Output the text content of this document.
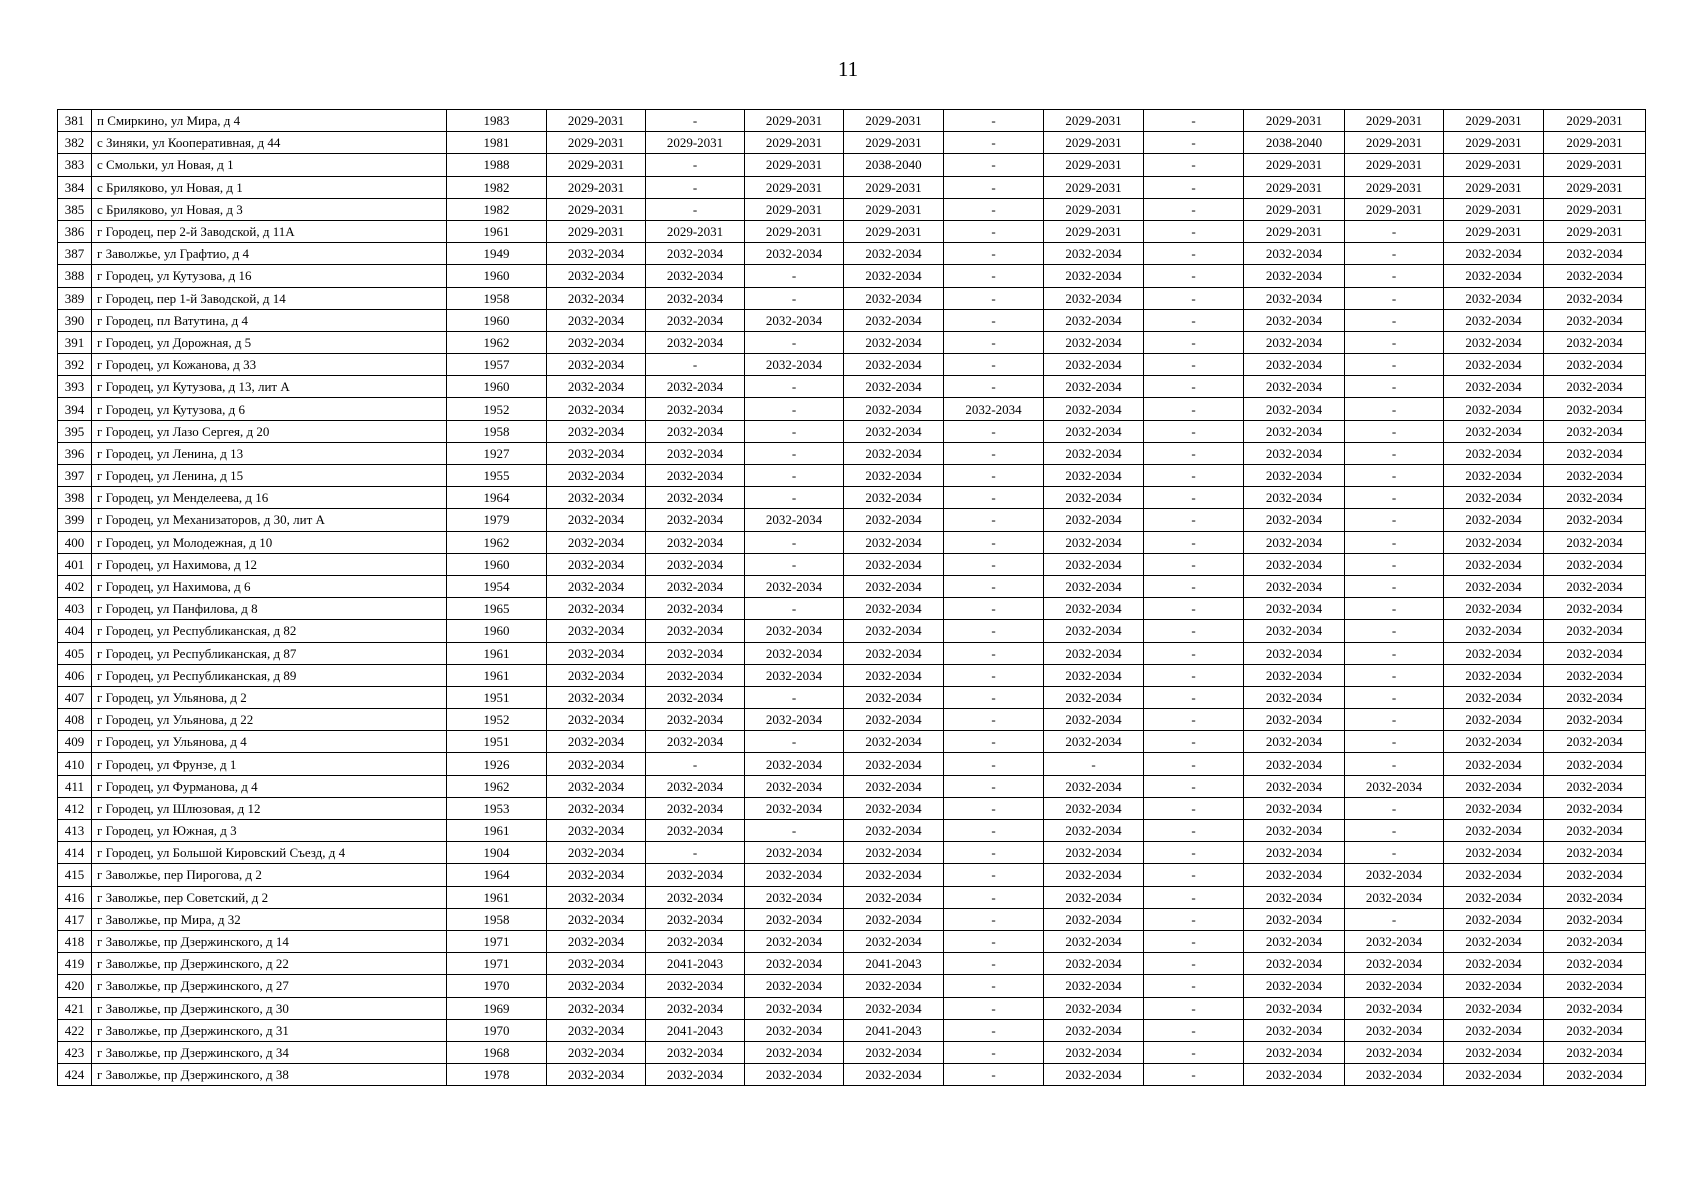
11
381	п Смиркино, ул Мира, д 4	1983	2029-2031	-	2029-2031	2029-2031	-	2029-2031	-	2029-2031	2029-2031	2029-2031	2029-2031
382	с Зиняки, ул Кооперативная, д 44	1981	2029-2031	2029-2031	2029-2031	2029-2031	-	2029-2031	-	2038-2040	2029-2031	2029-2031	2029-2031
383	с Смольки, ул Новая, д 1	1988	2029-2031	-	2029-2031	2038-2040	-	2029-2031	-	2029-2031	2029-2031	2029-2031	2029-2031
384	с Бриляково, ул Новая, д 1	1982	2029-2031	-	2029-2031	2029-2031	-	2029-2031	-	2029-2031	2029-2031	2029-2031	2029-2031
385	с Бриляково, ул Новая, д 3	1982	2029-2031	-	2029-2031	2029-2031	-	2029-2031	-	2029-2031	2029-2031	2029-2031	2029-2031
386	г Городец, пер 2-й Заводской, д 11А	1961	2029-2031	2029-2031	2029-2031	2029-2031	-	2029-2031	-	2029-2031	-	2029-2031	2029-2031
387	г Заволжье, ул Графтио, д 4	1949	2032-2034	2032-2034	2032-2034	2032-2034	-	2032-2034	-	2032-2034	-	2032-2034	2032-2034
388	г Городец, ул Кутузова, д 16	1960	2032-2034	2032-2034	-	2032-2034	-	2032-2034	-	2032-2034	-	2032-2034	2032-2034
389	г Городец, пер 1-й Заводской, д 14	1958	2032-2034	2032-2034	-	2032-2034	-	2032-2034	-	2032-2034	-	2032-2034	2032-2034
390	г Городец, пл Ватутина, д 4	1960	2032-2034	2032-2034	2032-2034	2032-2034	-	2032-2034	-	2032-2034	-	2032-2034	2032-2034
391	г Городец, ул Дорожная, д 5	1962	2032-2034	2032-2034	-	2032-2034	-	2032-2034	-	2032-2034	-	2032-2034	2032-2034
392	г Городец, ул Кожанова, д 33	1957	2032-2034	-	2032-2034	2032-2034	-	2032-2034	-	2032-2034	-	2032-2034	2032-2034
393	г Городец, ул Кутузова, д 13, лит А	1960	2032-2034	2032-2034	-	2032-2034	-	2032-2034	-	2032-2034	-	2032-2034	2032-2034
394	г Городец, ул Кутузова, д 6	1952	2032-2034	2032-2034	-	2032-2034	2032-2034	2032-2034	-	2032-2034	-	2032-2034	2032-2034
395	г Городец, ул Лазо Сергея, д 20	1958	2032-2034	2032-2034	-	2032-2034	-	2032-2034	-	2032-2034	-	2032-2034	2032-2034
396	г Городец, ул Ленина, д 13	1927	2032-2034	2032-2034	-	2032-2034	-	2032-2034	-	2032-2034	-	2032-2034	2032-2034
397	г Городец, ул Ленина, д 15	1955	2032-2034	2032-2034	-	2032-2034	-	2032-2034	-	2032-2034	-	2032-2034	2032-2034
398	г Городец, ул Менделеева, д 16	1964	2032-2034	2032-2034	-	2032-2034	-	2032-2034	-	2032-2034	-	2032-2034	2032-2034
399	г Городец, ул Механизаторов, д 30, лит А	1979	2032-2034	2032-2034	2032-2034	2032-2034	-	2032-2034	-	2032-2034	-	2032-2034	2032-2034
400	г Городец, ул Молодежная, д 10	1962	2032-2034	2032-2034	-	2032-2034	-	2032-2034	-	2032-2034	-	2032-2034	2032-2034
401	г Городец, ул Нахимова, д 12	1960	2032-2034	2032-2034	-	2032-2034	-	2032-2034	-	2032-2034	-	2032-2034	2032-2034
402	г Городец, ул Нахимова, д 6	1954	2032-2034	2032-2034	2032-2034	2032-2034	-	2032-2034	-	2032-2034	-	2032-2034	2032-2034
403	г Городец, ул Панфилова, д 8	1965	2032-2034	2032-2034	-	2032-2034	-	2032-2034	-	2032-2034	-	2032-2034	2032-2034
404	г Городец, ул Республиканская, д 82	1960	2032-2034	2032-2034	2032-2034	2032-2034	-	2032-2034	-	2032-2034	-	2032-2034	2032-2034
405	г Городец, ул Республиканская, д 87	1961	2032-2034	2032-2034	2032-2034	2032-2034	-	2032-2034	-	2032-2034	-	2032-2034	2032-2034
406	г Городец, ул Республиканская, д 89	1961	2032-2034	2032-2034	2032-2034	2032-2034	-	2032-2034	-	2032-2034	-	2032-2034	2032-2034
407	г Городец, ул Ульянова, д 2	1951	2032-2034	2032-2034	-	2032-2034	-	2032-2034	-	2032-2034	-	2032-2034	2032-2034
408	г Городец, ул Ульянова, д 22	1952	2032-2034	2032-2034	2032-2034	2032-2034	-	2032-2034	-	2032-2034	-	2032-2034	2032-2034
409	г Городец, ул Ульянова, д 4	1951	2032-2034	2032-2034	-	2032-2034	-	2032-2034	-	2032-2034	-	2032-2034	2032-2034
410	г Городец, ул Фрунзе, д 1	1926	2032-2034	-	2032-2034	2032-2034	-	-	-	2032-2034	-	2032-2034	2032-2034
411	г Городец, ул Фурманова, д 4	1962	2032-2034	2032-2034	2032-2034	2032-2034	-	2032-2034	-	2032-2034	2032-2034	2032-2034	2032-2034
412	г Городец, ул Шлюзовая, д 12	1953	2032-2034	2032-2034	2032-2034	2032-2034	-	2032-2034	-	2032-2034	-	2032-2034	2032-2034
413	г Городец, ул Южная, д 3	1961	2032-2034	2032-2034	-	2032-2034	-	2032-2034	-	2032-2034	-	2032-2034	2032-2034
414	г Городец, ул Большой Кировский Съезд, д 4	1904	2032-2034	-	2032-2034	2032-2034	-	2032-2034	-	2032-2034	-	2032-2034	2032-2034
415	г Заволжье, пер Пирогова, д 2	1964	2032-2034	2032-2034	2032-2034	2032-2034	-	2032-2034	-	2032-2034	2032-2034	2032-2034	2032-2034
416	г Заволжье, пер Советский, д 2	1961	2032-2034	2032-2034	2032-2034	2032-2034	-	2032-2034	-	2032-2034	2032-2034	2032-2034	2032-2034
417	г Заволжье, пр Мира, д 32	1958	2032-2034	2032-2034	2032-2034	2032-2034	-	2032-2034	-	2032-2034	-	2032-2034	2032-2034
418	г Заволжье, пр Дзержинского, д 14	1971	2032-2034	2032-2034	2032-2034	2032-2034	-	2032-2034	-	2032-2034	2032-2034	2032-2034	2032-2034
419	г Заволжье, пр Дзержинского, д 22	1971	2032-2034	2041-2043	2032-2034	2041-2043	-	2032-2034	-	2032-2034	2032-2034	2032-2034	2032-2034
420	г Заволжье, пр Дзержинского, д 27	1970	2032-2034	2032-2034	2032-2034	2032-2034	-	2032-2034	-	2032-2034	2032-2034	2032-2034	2032-2034
421	г Заволжье, пр Дзержинского, д 30	1969	2032-2034	2032-2034	2032-2034	2032-2034	-	2032-2034	-	2032-2034	2032-2034	2032-2034	2032-2034
422	г Заволжье, пр Дзержинского, д 31	1970	2032-2034	2041-2043	2032-2034	2041-2043	-	2032-2034	-	2032-2034	2032-2034	2032-2034	2032-2034
423	г Заволжье, пр Дзержинского, д 34	1968	2032-2034	2032-2034	2032-2034	2032-2034	-	2032-2034	-	2032-2034	2032-2034	2032-2034	2032-2034
424	г Заволжье, пр Дзержинского, д 38	1978	2032-2034	2032-2034	2032-2034	2032-2034	-	2032-2034	-	2032-2034	2032-2034	2032-2034	2032-2034
